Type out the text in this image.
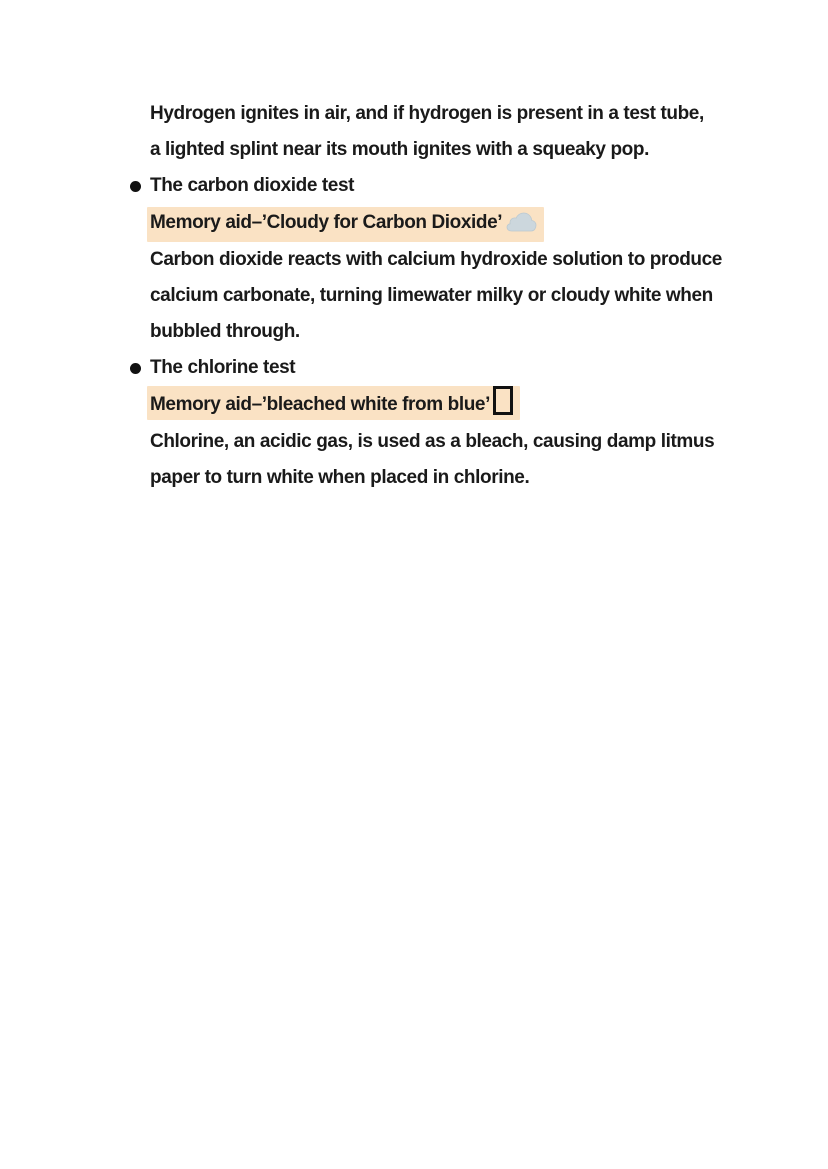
Hydrogen ignites in air, and if hydrogen is present in a test tube,
a lighted splint near its mouth ignites with a squeaky pop.
The carbon dioxide test
Memory aid–’Cloudy for Carbon Dioxide’
Carbon dioxide reacts with calcium hydroxide solution to produce
calcium carbonate, turning limewater milky or cloudy white when
bubbled through.
The chlorine test
Memory aid–’bleached white from blue’
Chlorine, an acidic gas, is used as a bleach, causing damp litmus
paper to turn white when placed in chlorine.
